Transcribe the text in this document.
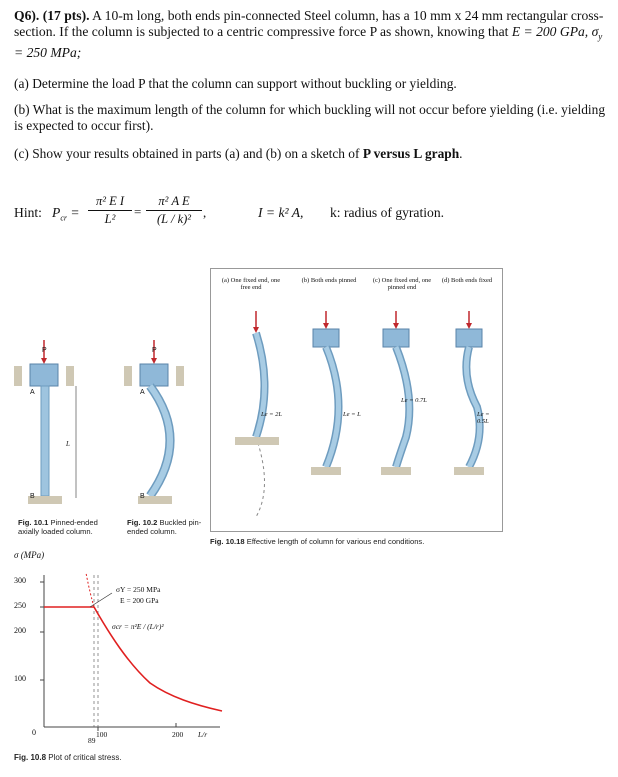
Q6). (17 pts). A 10-m long, both ends pin-connected Steel column, has a 10 mm x 24 mm rectangular cross-section. If the column is subjected to a centric compressive force P as shown, knowing that E = 200 GPa, $\sigma_y = 250$ MPa;
(a) Determine the load P that the column can support without buckling or yielding.
(b) What is the maximum length of the column for which buckling will not occur before yielding (i.e. yielding is expected to occur first).
(c) Show your results obtained in parts (a) and (b) on a sketch of P versus L graph.
Hint: $P_{cr}$ =
π² E I
L²	=
π² A E
(L / k)² ,	I = k² A, k: radius of gyration.
P	P
A	A
B	B
L
Fig. 10.1 Pinned-ended axially loaded column.
Fig. 10.2 Buckled pin-ended column.
(a) One fixed end, one free end
(b) Both ends pinned	(c) One fixed end, one pinned end
(d) Both ends fixed
Le = 2L	Le = L
Le = 0.7L
Le = 0.5L
Fig. 10.18 Effective length of column for various end conditions.
σ (MPa)
300
250
200
100
0
89
100	200 L/r
σY = 250 MPa
E = 200 GPa
σcr = π²E / (L/r)²
Fig. 10.8 Plot of critical stress.
